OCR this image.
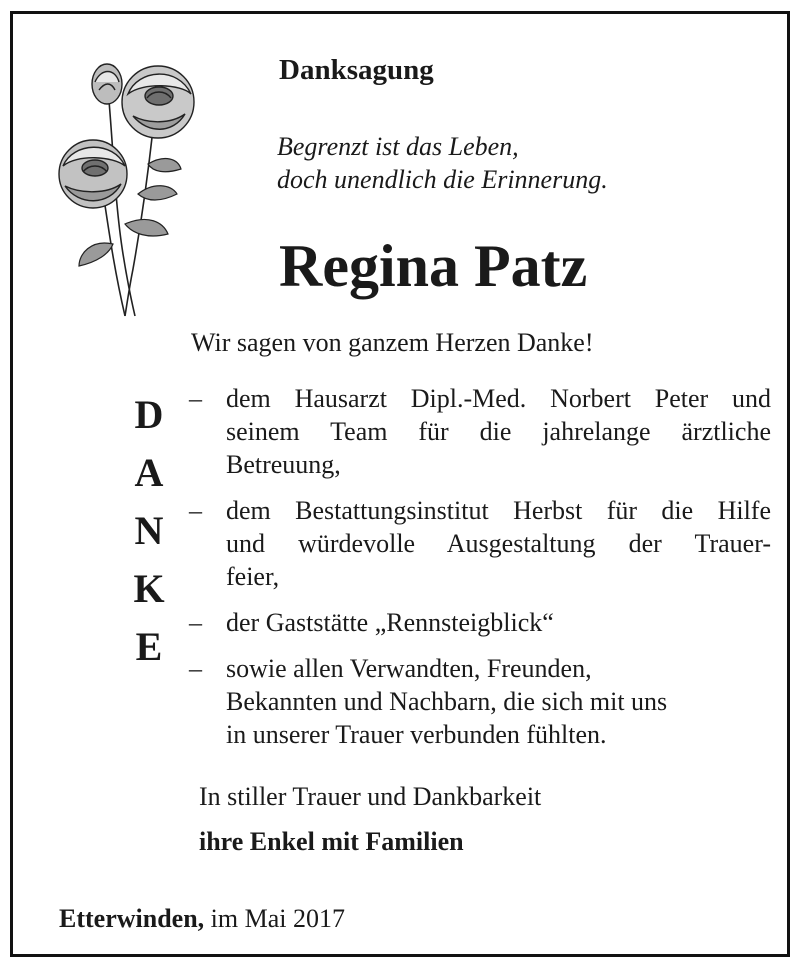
Danksagung
Begrenzt ist das Leben,
doch unendlich die Erinnerung.
Regina Patz
Wir sagen von ganzem Herzen Danke!
D
A
N
K
E
– dem Hausarzt Dipl.-Med. Norbert Peter und
seinem Team für die jahrelange ärztliche
Betreuung,
– dem Bestattungsinstitut Herbst für die Hilfe
und würdevolle Ausgestaltung der Trauer-
feier,
– der Gaststätte „Rennsteigblick“
– sowie allen Verwandten, Freunden,
Bekannten und Nachbarn, die sich mit uns
in unserer Trauer verbunden fühlten.
In stiller Trauer und Dankbarkeit
ihre Enkel mit Familien
Etterwinden, im Mai 2017
